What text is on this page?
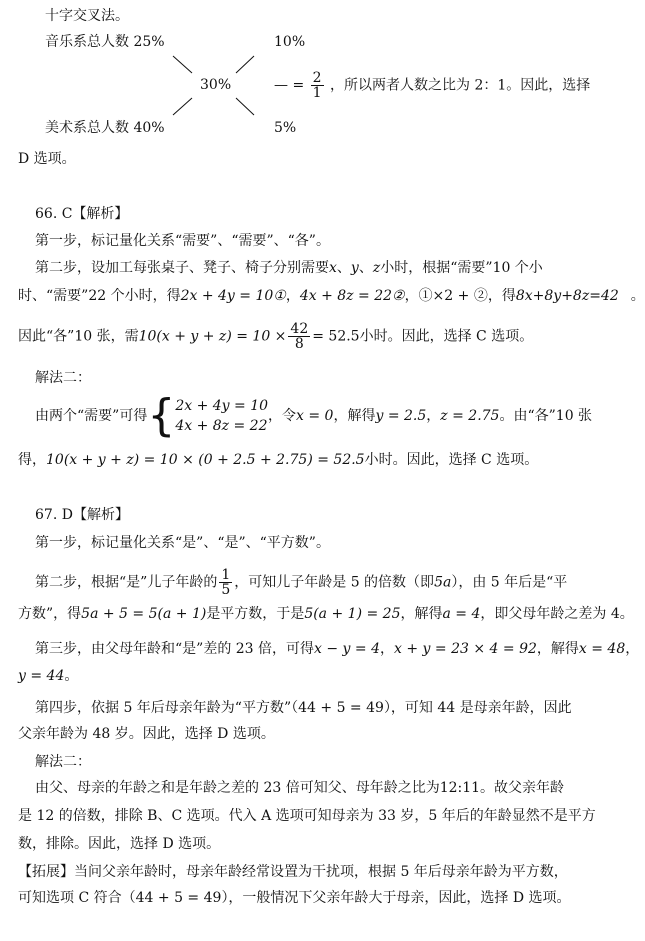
十字交叉法。
音乐系总人数 25%	10%
30%	— = $\frac{2}{1}$ ，所以两者人数之比为 2：1。因此，选择
美术系总人数 40%	5%
D 选项。
66. C【解析】
第一步，标记量化关系“需要”、“需要”、“各”。
第二步，设加工每张桌子、凳子、椅子分别需要x、y、z小时，根据“需要”10 个小
时、“需要”22 个小时，得2x + 4y = 10①，4x + 8z = 22②，①×2 + ②，得8x+8y+8z=42 。
因此“各”10 张，需$10(x + y + z) = 10 \times \frac{42}{8} = 52.5$小时。因此，选择 C 选项。
解法二：
由两个“需要”可得{ 2x + 4y = 10
4x + 8z = 22
，令x = 0，解得y = 2.5，z = 2.75。由“各”10 张
得，10(x + y + z) = 10 × (0 + 2.5 + 2.75) = 52.5小时。因此，选择 C 选项。
67. D【解析】
第一步，标记量化关系“是”、“是”、“平方数”。
第二步，根据“是”儿子年龄的 $\frac{1}{5}$ ，可知儿子年龄是 5 的倍数（即5a），由 5 年后是“平
方数”，得5a + 5 = 5(a + 1)是平方数，于是5(a + 1) = 25，解得a = 4，即父母年龄之差为 4。
第三步，由父母年龄和“是”差的 23 倍，可得x − y = 4，x + y = 23 × 4 = 92，解得x = 48，
y = 44。
第四步，依据 5 年后母亲年龄为“平方数”（44 + 5 = 49），可知 44 是母亲年龄，因此
父亲年龄为 48 岁。因此，选择 D 选项。
解法二：
由父、母亲的年龄之和是年龄之差的 23 倍可知父、母年龄之比为12:11。故父亲年龄
是 12 的倍数，排除 B、C 选项。代入 A 选项可知母亲为 33 岁，5 年后的年龄显然不是平方
数，排除。因此，选择 D 选项。
【拓展】当问父亲年龄时，母亲年龄经常设置为干扰项，根据 5 年后母亲年龄为平方数，
可知选项 C 符合（44 + 5 = 49），一般情况下父亲年龄大于母亲，因此，选择 D 选项。
